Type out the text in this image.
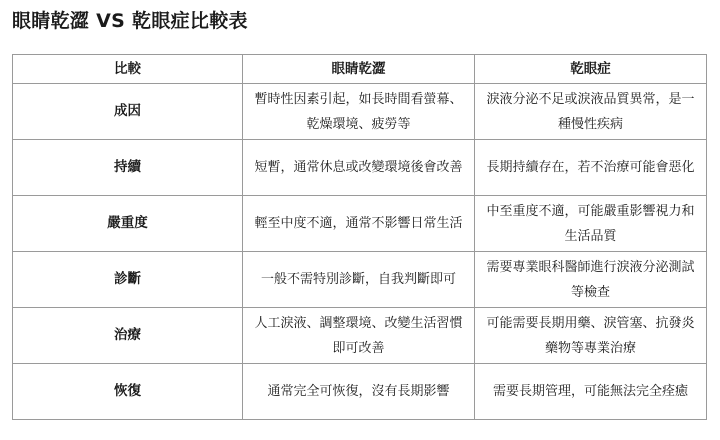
眼睛乾澀 VS 乾眼症比較表
比較	眼睛乾澀	乾眼症
成因	暫時性因素引起，如長時間看螢幕、乾燥環境、疲勞等	淚液分泌不足或淚液品質異常，是一種慢性疾病

持續	短暫，通常休息或改變環境後會改善	長期持續存在，若不治療可能會惡化

嚴重度	輕至中度不適，通常不影響日常生活	中至重度不適，可能嚴重影響視力和生活品質

診斷	一般不需特別診斷，自我判斷即可	需要專業眼科醫師進行淚液分泌測試等檢查

治療	人工淚液、調整環境、改變生活習慣即可改善	可能需要長期用藥、淚管塞、抗發炎藥物等專業治療

恢復	通常完全可恢復，沒有長期影響	需要長期管理，可能無法完全痊癒
